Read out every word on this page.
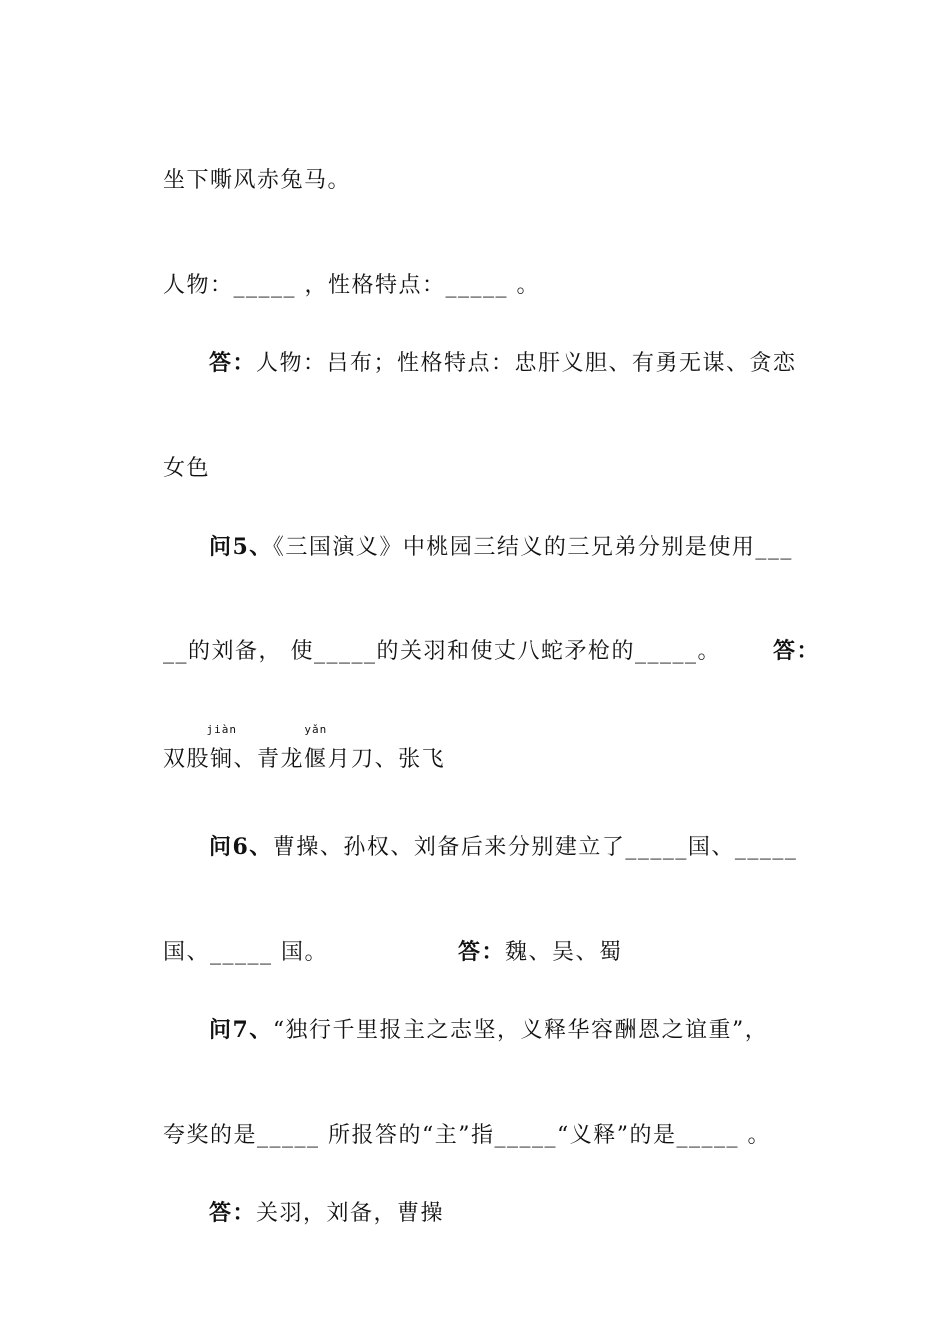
坐下嘶风赤兔马。

人物：_____ ，性格特点：_____ 。

答：人物：吕布；性格特点：忠肝义胆、有勇无谋、贪恋

女色

问5、《三国演义》中桃园三结义的三兄弟分别是使用___

__的刘备， 使_____的关羽和使丈八蛇矛枪的_____。 答：

双股
jiàn
锏、青龙
yǎn
偃月刀、张飞

问6、曹操、孙权、刘备后来分别建立了_____国、_____

国、_____ 国。	答：魏、吴、蜀

问7、“独行千里报主之志坚，义释华容酬恩之谊重”，

夸奖的是_____ 所报答的“主”指_____“义释”的是_____ 。

答：关羽，刘备，曹操
